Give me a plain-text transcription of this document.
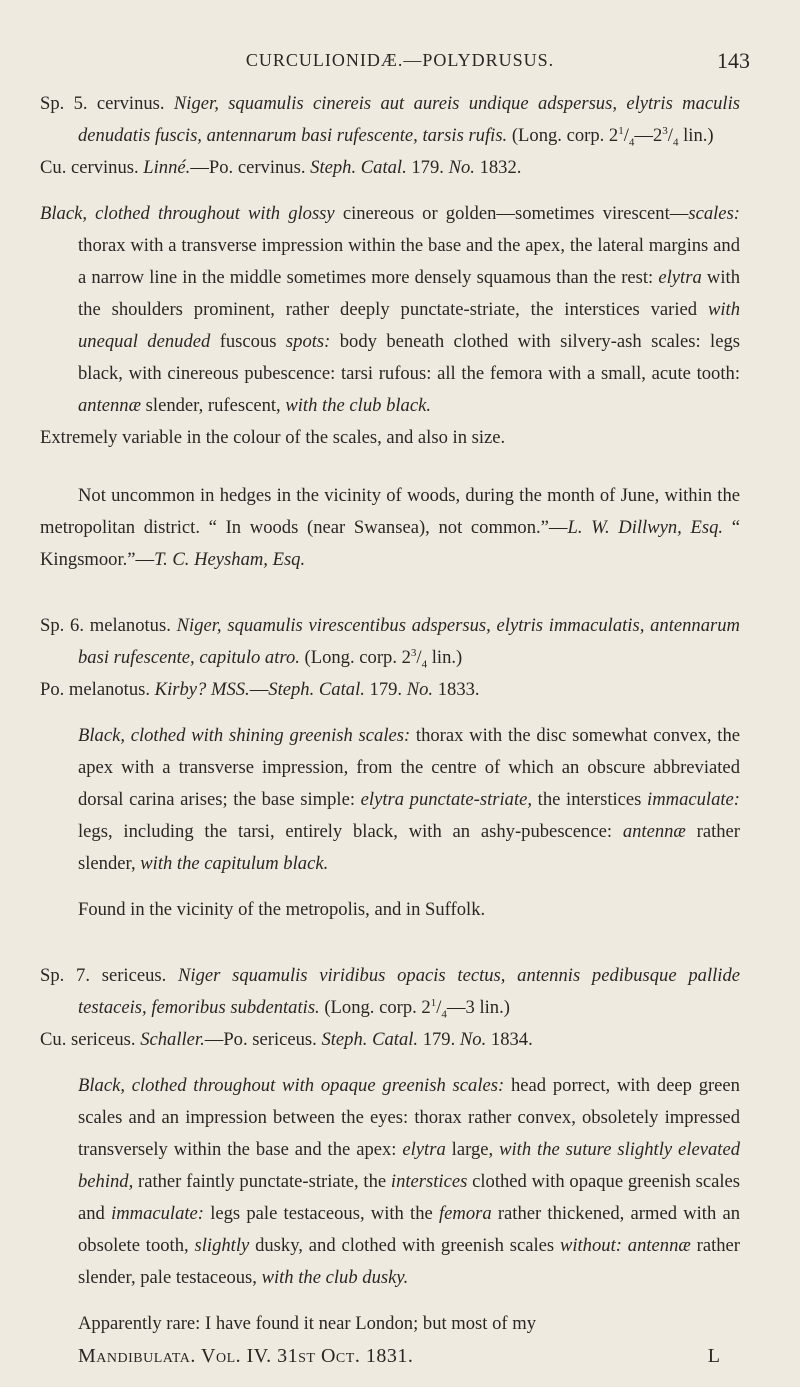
CURCULIONIDÆ.—POLYDRUSUS.	143

Sp. 5. cervinus. Niger, squamulis cinereis aut aureis undique adspersus, elytris maculis denudatis fuscis, antennarum basi rufescente, tarsis rufis. (Long. corp. $2^1/_4—2^3/_4$ lin.)

Cu. cervinus. Linné.—Po. cervinus. Steph. Catal. 179. No. 1832.

Black, clothed throughout with glossy cinereous or golden—sometimes virescent—scales: thorax with a transverse impression within the base and the apex, the lateral margins and a narrow line in the middle sometimes more densely squamous than the rest: elytra with the shoulders prominent, rather deeply punctate-striate, the interstices varied with unequal denuded fuscous spots: body beneath clothed with silvery-ash scales: legs black, with cinereous pubescence: tarsi rufous: all the femora with a small, acute tooth: antennæ slender, rufescent, with the club black.

Extremely variable in the colour of the scales, and also in size.

Not uncommon in hedges in the vicinity of woods, during the month of June, within the metropolitan district. “ In woods (near Swansea), not common.”—L. W. Dillwyn, Esq. “ Kingsmoor.”—T. C. Heysham, Esq.

Sp. 6. melanotus. Niger, squamulis virescentibus adspersus, elytris immaculatis, antennarum basi rufescente, capitulo atro. (Long. corp. $2^3/_4$ lin.)

Po. melanotus. Kirby? MSS.—Steph. Catal. 179. No. 1833.

Black, clothed with shining greenish scales: thorax with the disc somewhat convex, the apex with a transverse impression, from the centre of which an obscure abbreviated dorsal carina arises; the base simple: elytra punctate-striate, the interstices immaculate: legs, including the tarsi, entirely black, with an ashy-pubescence: antennæ rather slender, with the capitulum black.

Found in the vicinity of the metropolis, and in Suffolk.

Sp. 7. sericeus. Niger squamulis viridibus opacis tectus, antennis pedibusque pallide testaceis, femoribus subdentatis. (Long. corp. $2^1/_4—3$ lin.)

Cu. sericeus. Schaller.—Po. sericeus. Steph. Catal. 179. No. 1834.

Black, clothed throughout with opaque greenish scales: head porrect, with deep green scales and an impression between the eyes: thorax rather convex, obsoletely impressed transversely within the base and the apex: elytra large, with the suture slightly elevated behind, rather faintly punctate-striate, the interstices clothed with opaque greenish scales and immaculate: legs pale testaceous, with the femora rather thickened, armed with an obsolete tooth, slightly dusky, and clothed with greenish scales without: antennæ rather slender, pale testaceous, with the club dusky.

Apparently rare: I have found it near London; but most of my

Mandibulata. Vol. IV. 31st Oct. 1831.	L
